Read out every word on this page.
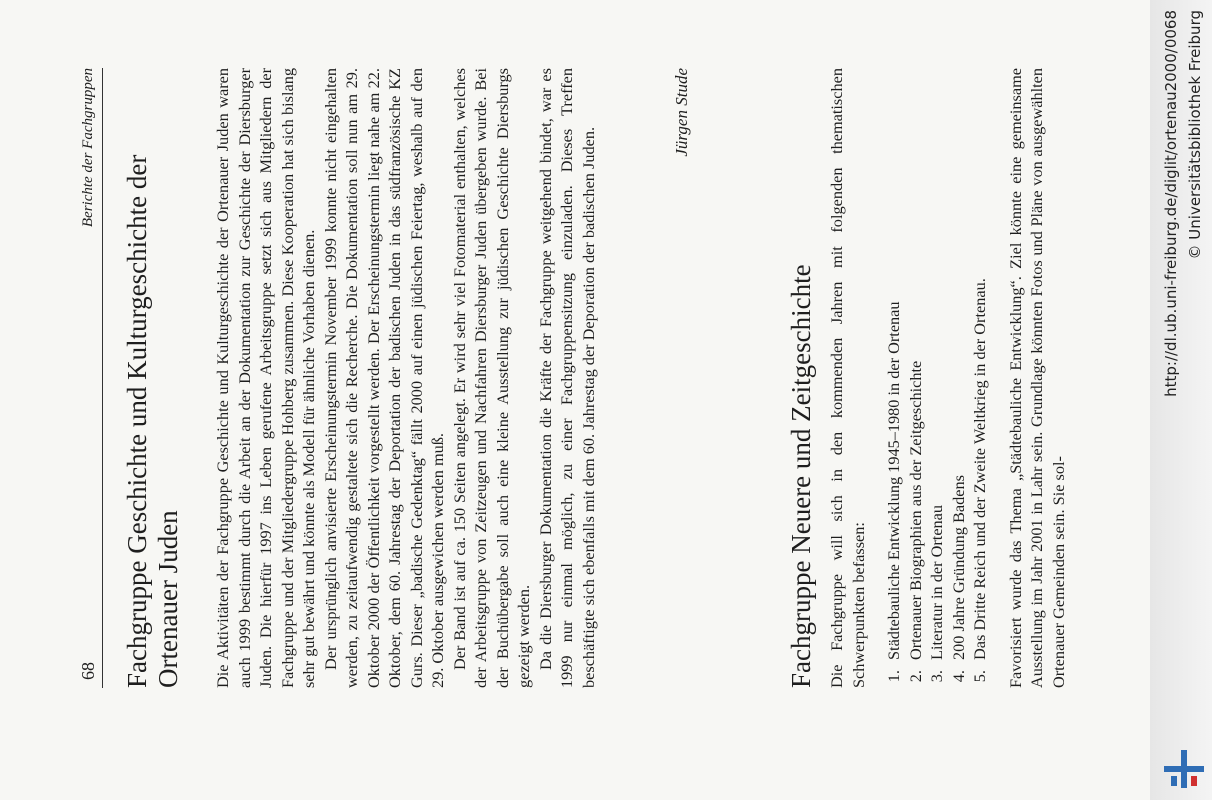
68
Berichte der Fachgruppen
Fachgruppe Geschichte und Kulturgeschichte der Ortenauer Juden Die Aktivitäten der Fachgruppe Geschichte und Kulturgeschichte der Ortenauer Juden waren auch 1999 bestimmt durch die Arbeit an der Dokumentation zur Geschichte der Diersburger Juden. Die hierfür 1997 ins Leben gerufene Arbeitsgruppe setzt sich aus Mitgliedern der Fachgruppe und der Mitgliedergruppe Hohberg zusammen. Diese Kooperation hat sich bislang sehr gut bewährt und könnte als Modell für ähnliche Vorhaben dienen. Der ursprünglich anvisierte Erscheinungstermin November 1999 konnte nicht eingehalten werden, zu zeitaufwendig gestaltete sich die Recherche. Die Dokumentation soll nun am 29. Oktober 2000 der Öffentlichkeit vorgestellt werden. Der Erscheinungstermin liegt nahe am 22. Oktober, dem 60. Jahrestag der Deportation der badischen Juden in das südfranzösische KZ Gurs. Dieser „badische Gedenktag“ fällt 2000 auf einen jüdischen Feiertag, weshalb auf den 29. Oktober ausgewichen werden muß. Der Band ist auf ca. 150 Seiten angelegt. Er wird sehr viel Fotomaterial enthalten, welches der Arbeitsgruppe von Zeitzeugen und Nachfahren Diersburger Juden übergeben wurde. Bei der Buchübergabe soll auch eine kleine Ausstellung zur jüdischen Geschichte Diersburgs gezeigt werden. Da die Diersburger Dokumentation die Kräfte der Fachgruppe weitgehend bindet, war es 1999 nur einmal möglich, zu einer Fachgruppensitzung einzuladen. Dieses Treffen beschäftigte sich ebenfalls mit dem 60. Jahrestag der Deporation der badischen Juden.

Jürgen Stude
Fachgruppe Neuere und Zeitgeschichte Die Fachgruppe will sich in den kommenden Jahren mit folgenden thematischen Schwerpunkten befassen: 1. Städtebauliche Entwicklung 1945–1980 in der Ortenau 2. Ortenauer Biographien aus der Zeitgeschichte 3. Literatur in der Ortenau 4. 200 Jahre Gründung Badens 5. Das Dritte Reich und der Zweite Weltkrieg in der Ortenau. Favorisiert wurde das Thema „Städtebauliche Entwicklung“. Ziel könnte eine gemeinsame Ausstellung im Jahr 2001 in Lahr sein. Grundlage könnten Fotos und Pläne von ausgewählten Ortenauer Gemeinden sein. Sie sol-

http://dl.ub.uni-freiburg.de/diglit/ortenau2000/0068 © Universitätsbibliothek Freiburg
